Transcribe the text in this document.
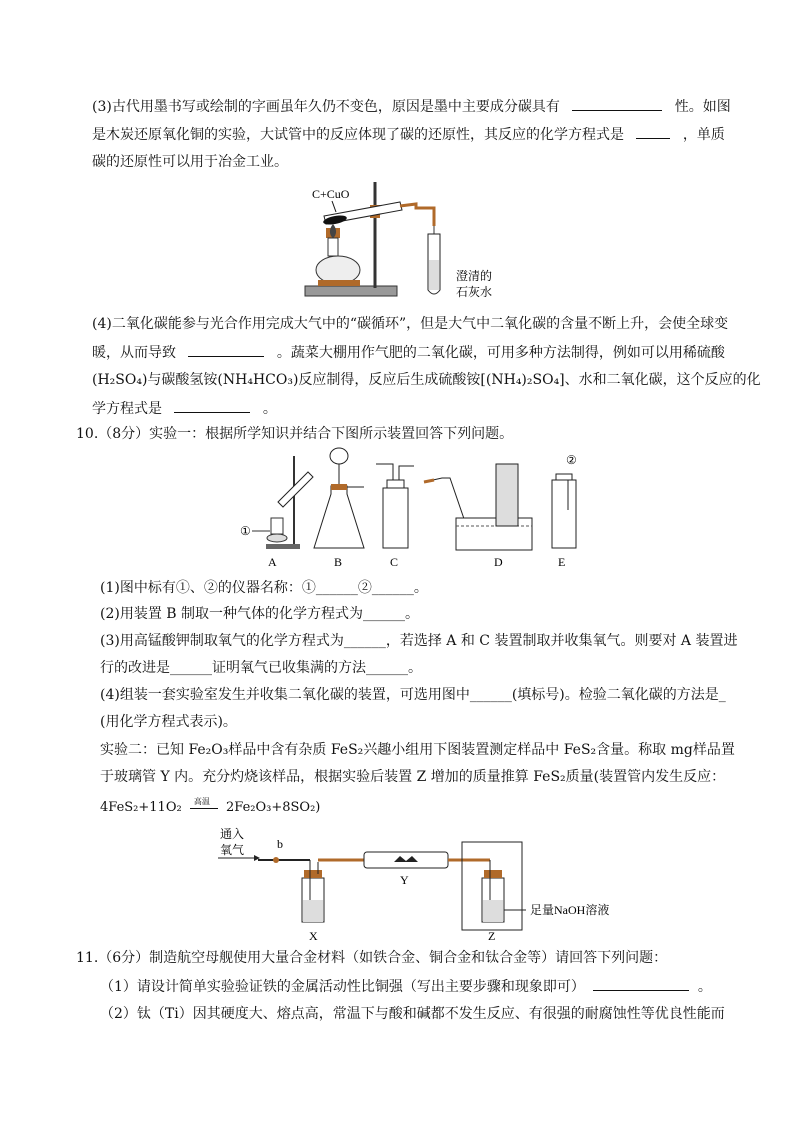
(3)古代用墨书写或绘制的字画虽年久仍不变色，原因是墨中主要成分碳具有	性。如图
是木炭还原氧化铜的实验，大试管中的反应体现了碳的还原性，其反应的化学方程式是	，单质
碳的还原性可以用于冶金工业。
C+CuO
澄清的
石灰水
(4)二氧化碳能参与光合作用完成大气中的“碳循环”，但是大气中二氧化碳的含量不断上升，会使全球变
暖，从而导致	。蔬菜大棚用作气肥的二氧化碳，可用多种方法制得，例如可以用稀硫酸
(H₂SO₄)与碳酸氢铵(NH₄HCO₃)反应制得，反应后生成硫酸铵[(NH₄)₂SO₄]、水和二氧化碳，这个反应的化
学方程式是	。
10.（8分）实验一：根据所学知识并结合下图所示装置回答下列问题。
①
A	B	C	D
②
E
(1)图中标有①、②的仪器名称：①______②______。
(2)用装置 B 制取一种气体的化学方程式为______。
(3)用高锰酸钾制取氧气的化学方程式为______，若选择 A 和 C 装置制取并收集氧气。则要对 A 装置进
行的改进是______证明氧气已收集满的方法______。
(4)组装一套实验室发生并收集二氧化碳的装置，可选用图中______(填标号)。检验二氧化碳的方法是_
(用化学方程式表示)。
实验二：已知 Fe₂O₃样品中含有杂质 FeS₂兴趣小组用下图装置测定样品中 FeS₂含量。称取 mg样品置
于玻璃管 Y 内。充分灼烧该样品，根据实验后装置 Z 增加的质量推算 FeS₂质量(装置管内发生反应：
4FeS₂+11O₂ 高温 2Fe₂O₃+8SO₂)
通入
氧气	b
X
Y
足量NaOH溶液
Z
11.（6分）制造航空母舰使用大量合金材料（如铁合金、铜合金和钛合金等）请回答下列问题：
（1）请设计简单实验验证铁的金属活动性比铜强（写出主要步骤和现象即可）	。
（2）钛（Ti）因其硬度大、熔点高，常温下与酸和碱都不发生反应、有很强的耐腐蚀性等优良性能而
